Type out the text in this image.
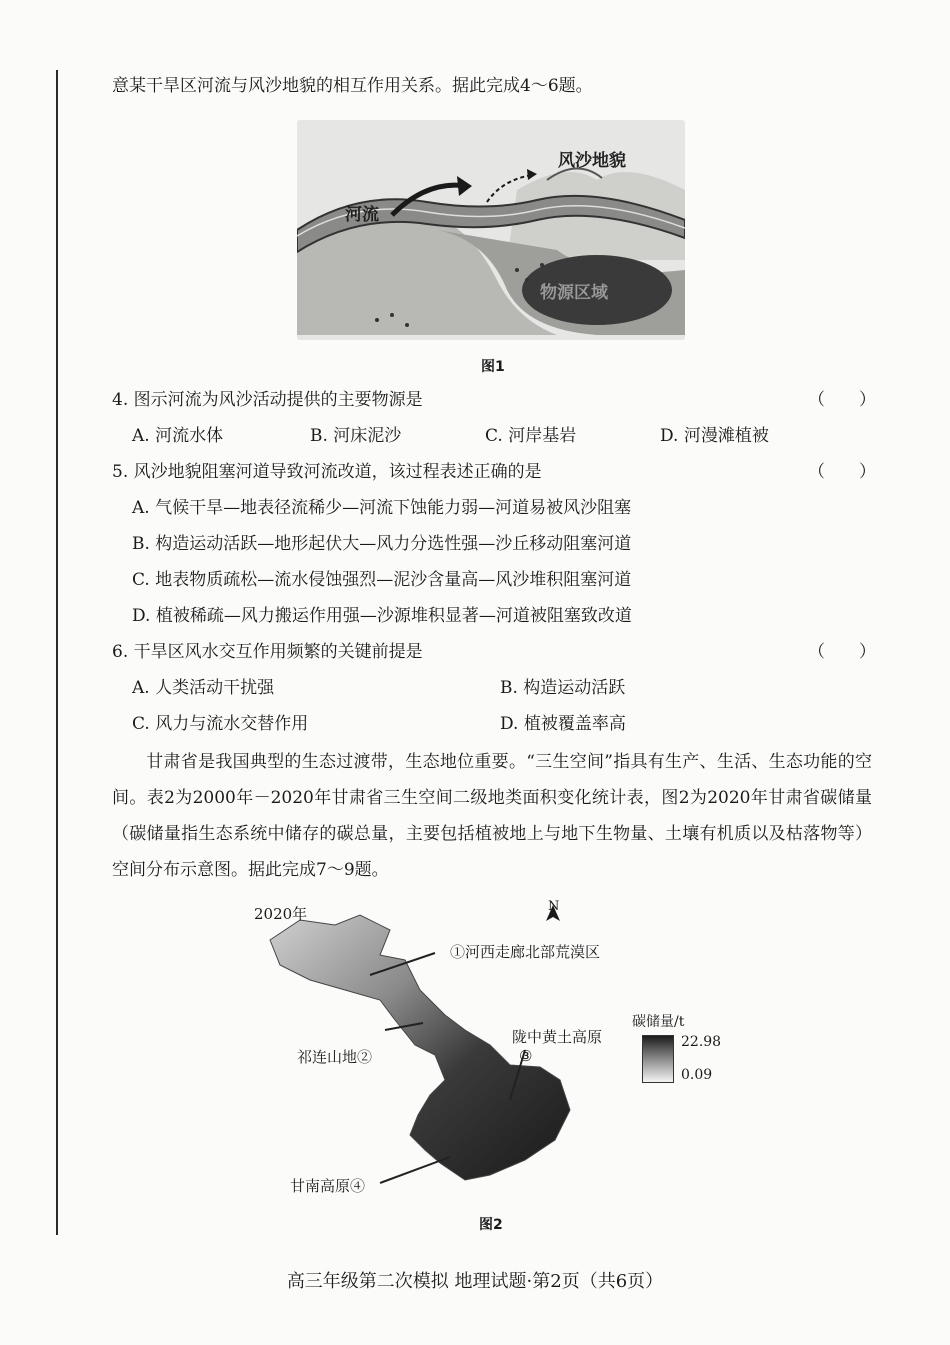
意某干旱区河流与风沙地貌的相互作用关系。据此完成4～6题。
风沙地貌
河流
物源区域
图1
4. 图示河流为风沙活动提供的主要物源是	（　　）
A. 河流水体	B. 河床泥沙	C. 河岸基岩	D. 河漫滩植被
5. 风沙地貌阻塞河道导致河流改道，该过程表述正确的是	（　　）
A. 气候干旱—地表径流稀少—河流下蚀能力弱—河道易被风沙阻塞
B. 构造运动活跃—地形起伏大—风力分选性强—沙丘移动阻塞河道
C. 地表物质疏松—流水侵蚀强烈—泥沙含量高—风沙堆积阻塞河道
D. 植被稀疏—风力搬运作用强—沙源堆积显著—河道被阻塞致改道
6. 干旱区风水交互作用频繁的关键前提是	（　　）
A. 人类活动干扰强	B. 构造运动活跃
C. 风力与流水交替作用	D. 植被覆盖率高
甘肃省是我国典型的生态过渡带，生态地位重要。“三生空间”指具有生产、生活、生态功能的空间。表2为2000年－2020年甘肃省三生空间二级地类面积变化统计表，图2为2020年甘肃省碳储量（碳储量指生态系统中储存的碳总量，主要包括植被地上与地下生物量、土壤有机质以及枯落物等）空间分布示意图。据此完成7～9题。
2020年	N
①河西走廊北部荒漠区
祁连山地②
陇中黄土高原
③
甘南高原④
碳储量/t
22.98
0.09
图2
高三年级第二次模拟 地理试题·第2页（共6页）
